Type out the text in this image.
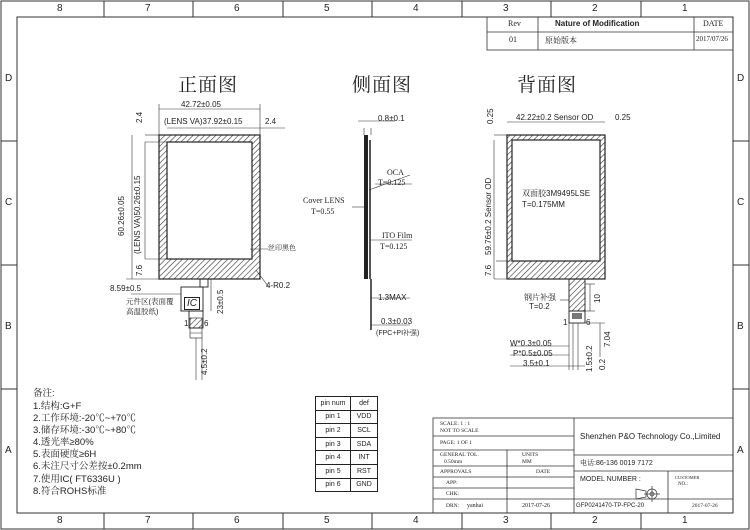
8	7	6	5	4	3	2	1
8	7	6	5	4	3	2	1
D
C
B
A
D
C
B
A
Rev	Nature of Modification	DATE
01	原始版本	2017/07/26
正面图	侧面图	背面图
42.72±0.05
(LENS VA)37.92±0.15	2.4
2.4
60.26±0.05 (LENS VA)50.26±0.15
7.6
丝印黑色
8.59±0.5	4-R0.2
23±0.5
元件区(表面覆高温胶纸)
IC
1 6
4.5±0.2
0.8±0.1
OCA
T=0.125
Cover LENS
T=0.55
ITO Film
T=0.125
1.3MAX
0.3±0.03
(FPC+PI补强)
0.25	42.22±0.2 Sensor OD	0.25
59.76±0.2 Sensor OD
7.6
双面胶3M9495LSE
T=0.175MM
钢片补强
T=0.2
10
7.04
1 6
W*0.3±0.05
P*0.5±0.05
3.5±0.1	1.5±0.2 0.2
备注:
1.结构:G+F
2.工作环境:-20℃~+70℃
3.储存环境:-30℃~+80℃
4.透光率≥80%
5.表面硬度≥6H
6.未注尺寸公差按±0.2mm
7.使用IC( FT6336U )
8.符合ROHS标准
pin num	def
pin 1	VDD
pin 2	SCL
pin 3	SDA
pin 4	INT
pin 5	RST
pin 6	GND
SCALE: 1 : 1
NOT TO SCALE
PAGE: 1 OF 1
GENERAL TOL.
0.50mm
UNITS
MM
APPROVALS	DATE
APP:
CHK:
DRN: yanhai	2017-07-26
Shenzhen P&O Technology Co.,Limited
电话:86-136 0019 7172
MODEL NUMBER :	CUSTOMER
NO.:
GFP0241470-TP-FPC-20	2017-07-26
